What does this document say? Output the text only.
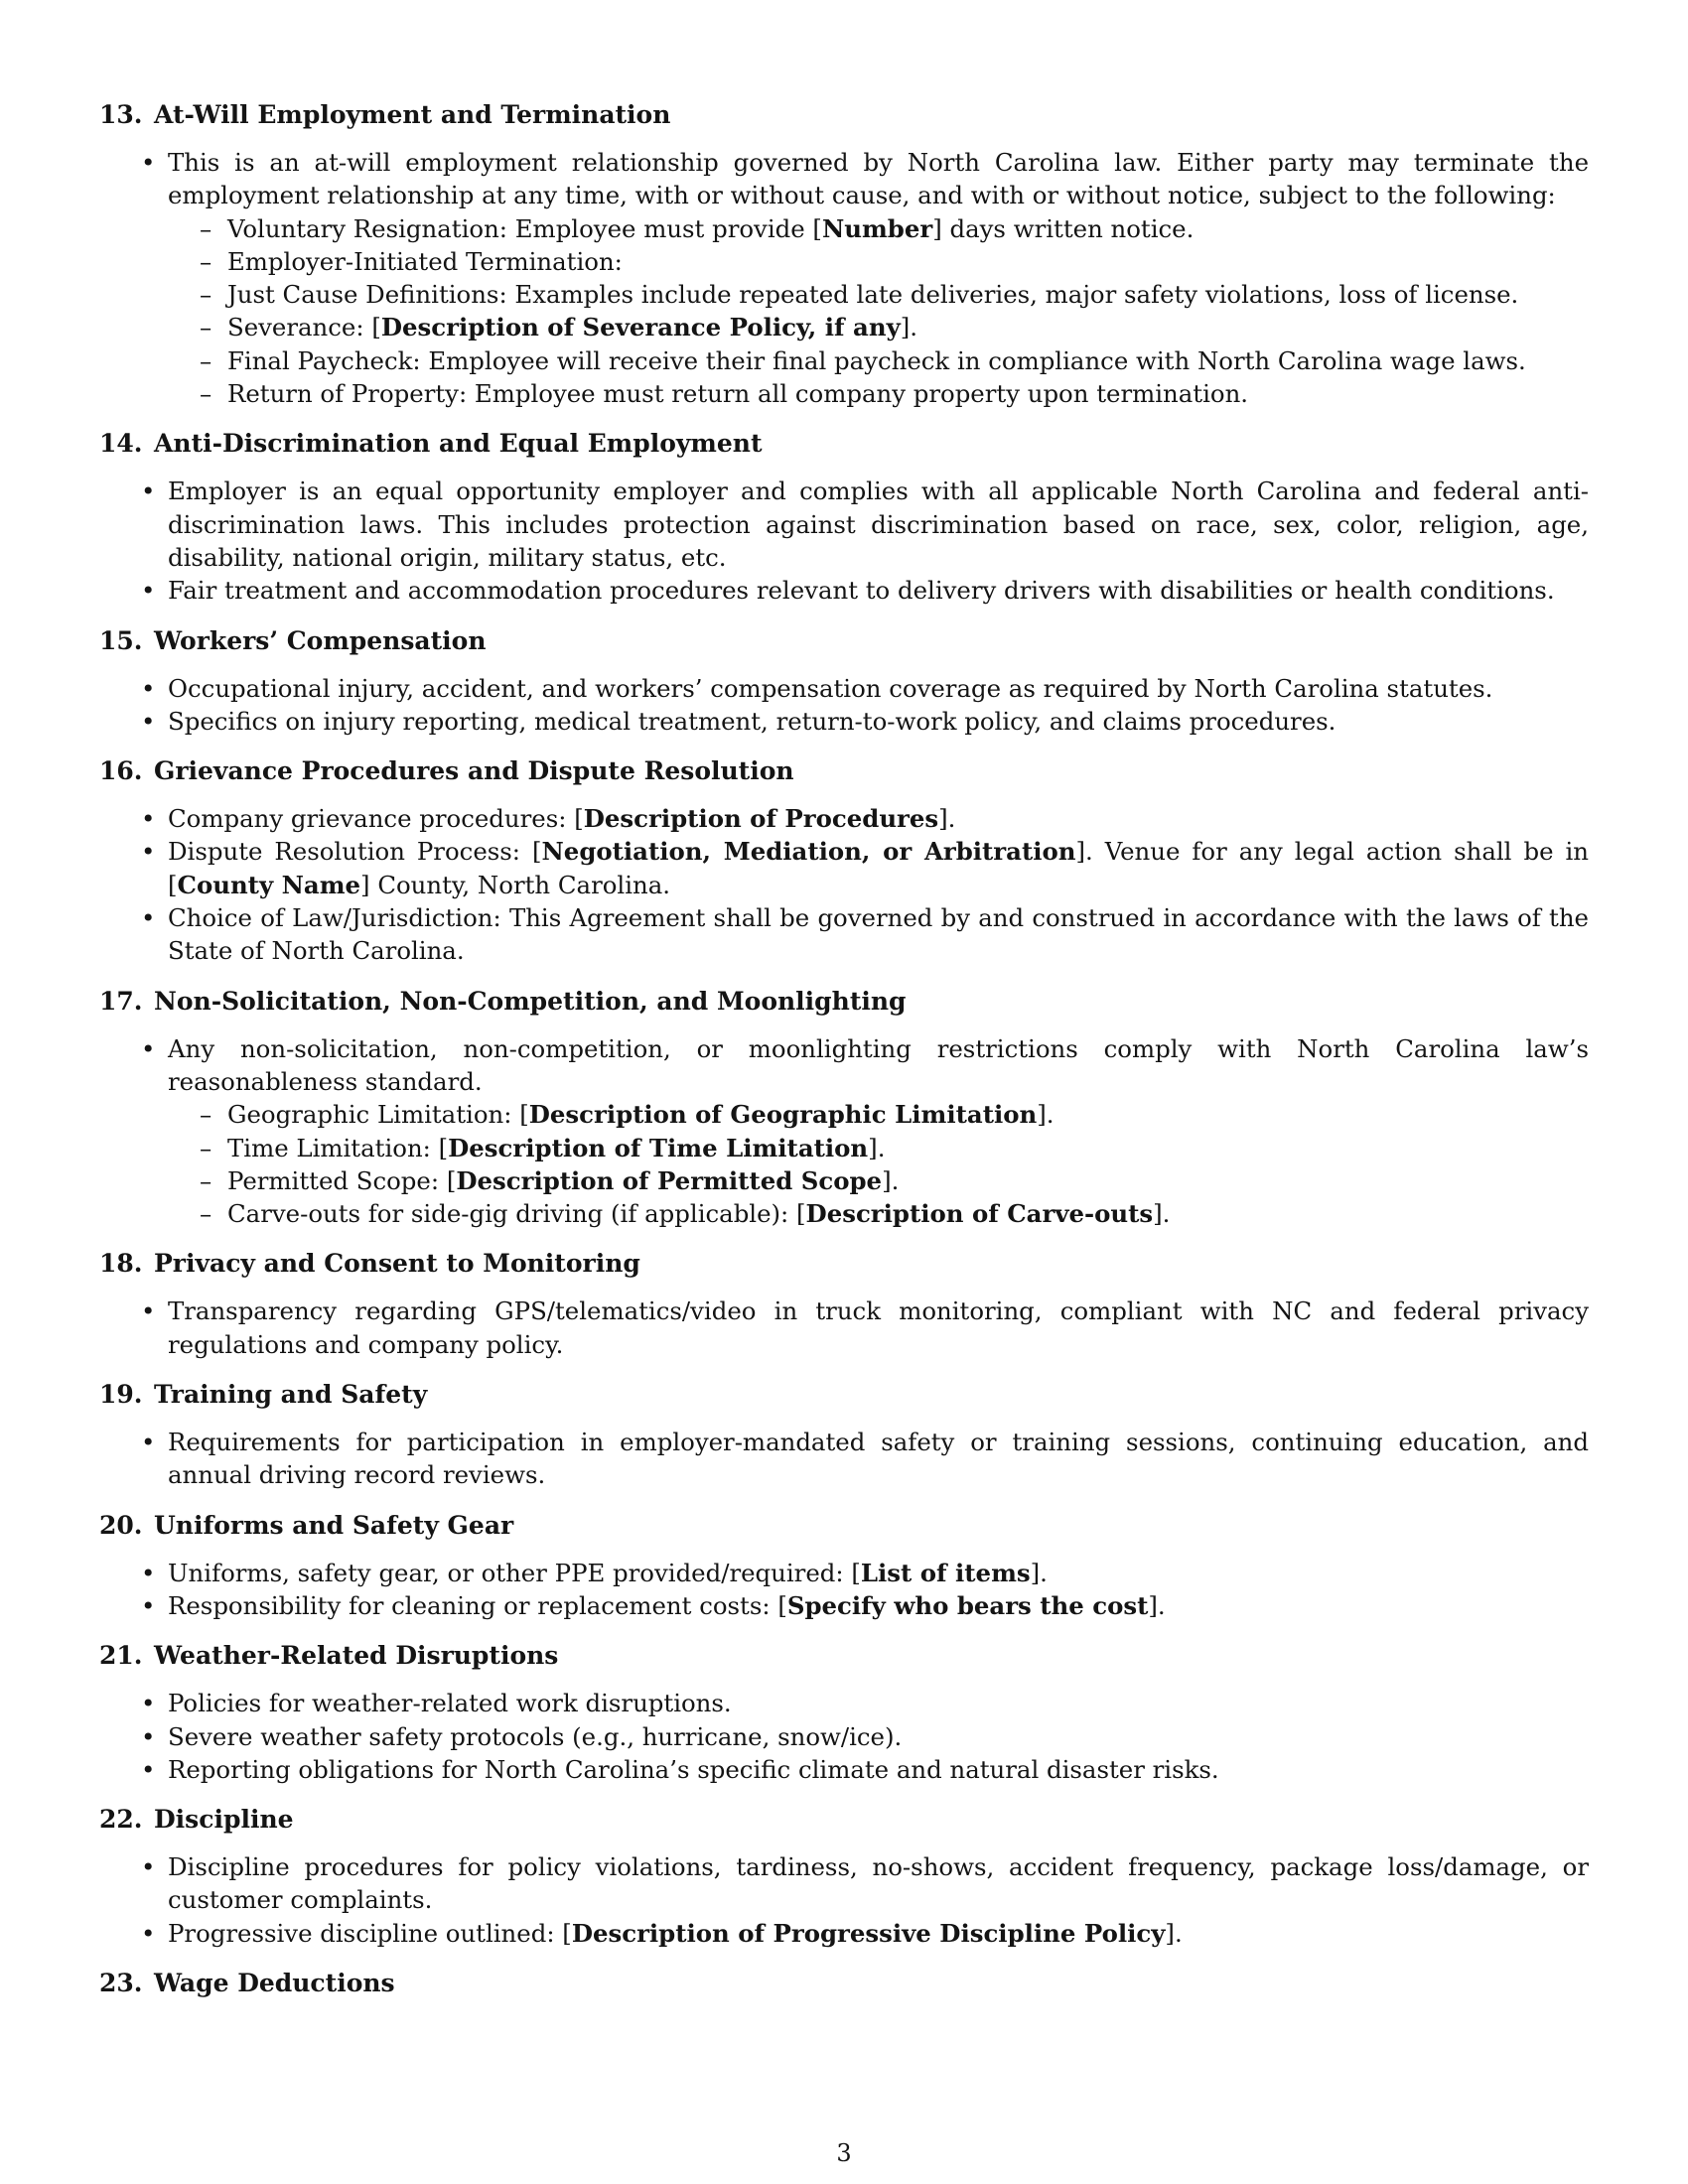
13. At-Will Employment and Termination
• This is an at-will employment relationship governed by North Carolina law. Either party may terminate the employment relationship at any time, with or without cause, and with or without notice, subject to the following:
– Voluntary Resignation: Employee must provide [Number] days written notice.
– Employer-Initiated Termination:
– Just Cause Definitions: Examples include repeated late deliveries, major safety violations, loss of license.
– Severance: [Description of Severance Policy, if any].
– Final Paycheck: Employee will receive their final paycheck in compliance with North Carolina wage laws.
– Return of Property: Employee must return all company property upon termination.
14. Anti-Discrimination and Equal Employment
• Employer is an equal opportunity employer and complies with all applicable North Carolina and federal anti-discrimination laws. This includes protection against discrimination based on race, sex, color, religion, age, disability, national origin, military status, etc.
• Fair treatment and accommodation procedures relevant to delivery drivers with disabilities or health conditions.
15. Workers’ Compensation
• Occupational injury, accident, and workers’ compensation coverage as required by North Carolina statutes.
• Specifics on injury reporting, medical treatment, return-to-work policy, and claims procedures.
16. Grievance Procedures and Dispute Resolution
• Company grievance procedures: [Description of Procedures].
• Dispute Resolution Process: [Negotiation, Mediation, or Arbitration]. Venue for any legal action shall be in [County Name] County, North Carolina.
• Choice of Law/Jurisdiction: This Agreement shall be governed by and construed in accordance with the laws of the State of North Carolina.
17. Non-Solicitation, Non-Competition, and Moonlighting
• Any non-solicitation, non-competition, or moonlighting restrictions comply with North Carolina law’s reasonableness standard.
– Geographic Limitation: [Description of Geographic Limitation].
– Time Limitation: [Description of Time Limitation].
– Permitted Scope: [Description of Permitted Scope].
– Carve-outs for side-gig driving (if applicable): [Description of Carve-outs].
18. Privacy and Consent to Monitoring
• Transparency regarding GPS/telematics/video in truck monitoring, compliant with NC and federal privacy regulations and company policy.
19. Training and Safety
• Requirements for participation in employer-mandated safety or training sessions, continuing education, and annual driving record reviews.
20. Uniforms and Safety Gear
• Uniforms, safety gear, or other PPE provided/required: [List of items].
• Responsibility for cleaning or replacement costs: [Specify who bears the cost].
21. Weather-Related Disruptions
• Policies for weather-related work disruptions.
• Severe weather safety protocols (e.g., hurricane, snow/ice).
• Reporting obligations for North Carolina’s specific climate and natural disaster risks.
22. Discipline
• Discipline procedures for policy violations, tardiness, no-shows, accident frequency, package loss/damage, or customer complaints.
• Progressive discipline outlined: [Description of Progressive Discipline Policy].
23. Wage Deductions
3
